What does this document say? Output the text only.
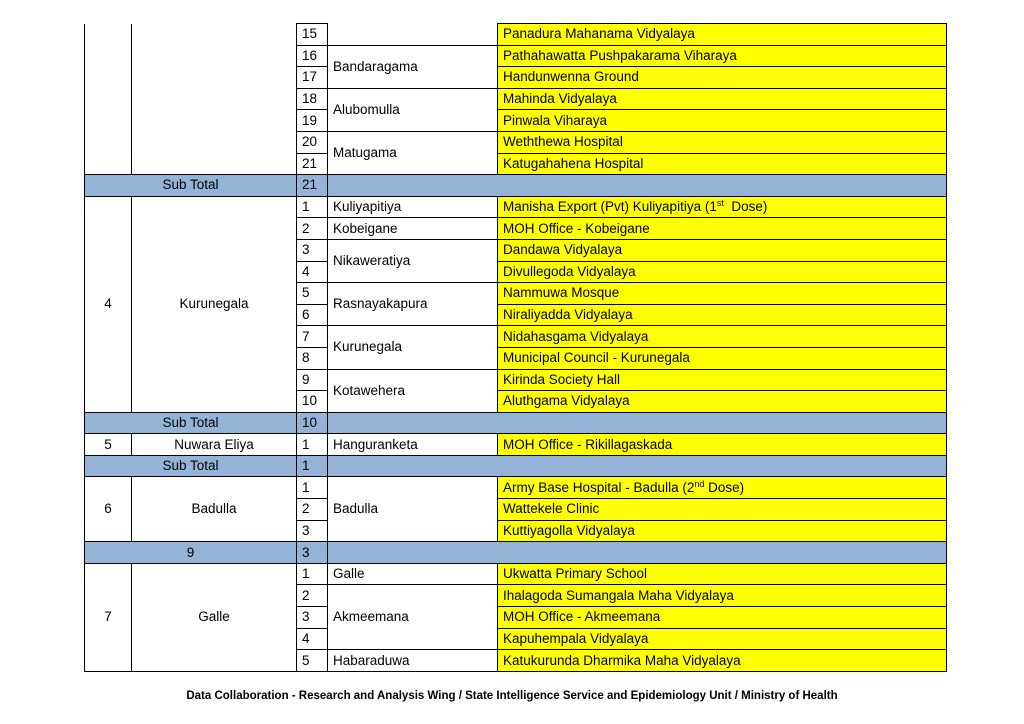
		15		Panadura Mahanama Vidyalaya
		16	Bandaragama	Pathahawatta Pushpakarama Viharaya
		17		Handunwenna Ground
		18	Alubomulla	Mahinda Vidyalaya
		19		Pinwala Viharaya
		20	Matugama	Weththewa Hospital
		21		Katugahahena Hospital
Sub Total		21		
4	Kurunegala	1	Kuliyapitiya	Manisha Export (Pvt) Kuliyapitiya (1st  Dose)
		2	Kobeigane	MOH Office - Kobeigane
		3	Nikaweratiya	Dandawa Vidyalaya
		4		Divullegoda Vidyalaya
		5	Rasnayakapura	Nammuwa Mosque
		6		Niraliyadda Vidyalaya
		7	Kurunegala	Nidahasgama Vidyalaya
		8		Municipal Council - Kurunegala
		9	Kotawehera	Kirinda Society Hall
		10		Aluthgama Vidyalaya
Sub Total		10		
5	Nuwara Eliya	1	Hanguranketa	MOH Office - Rikillagaskada
Sub Total		1		
6	Badulla	1	Badulla	Army Base Hospital - Badulla (2nd Dose)
		2		Wattekele Clinic
		3		Kuttiyagolla Vidyalaya
9		3		
7	Galle	1	Galle	Ukwatta Primary School
		2	Akmeemana	Ihalagoda Sumangala Maha Vidyalaya
		3		MOH Office - Akmeemana
		4		Kapuhempala Vidyalaya
		5	Habaraduwa	Katukurunda Dharmika Maha Vidyalaya
Data Collaboration - Research and Analysis Wing / State Intelligence Service and Epidemiology Unit / Ministry of Health
